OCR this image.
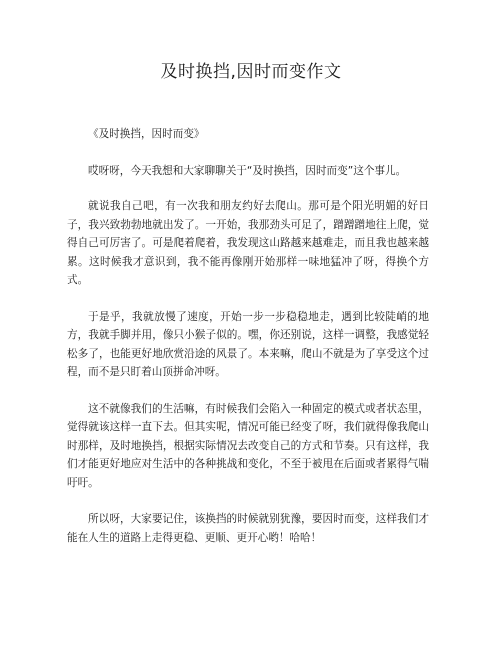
及时换挡,因时而变作文

《及时换挡，因时而变》

哎呀呀，今天我想和大家聊聊关于“及时换挡，因时而变”这个事儿。

就说我自己吧，有一次我和朋友约好去爬山。那可是个阳光明媚的好日子，我兴致勃勃地就出发了。一开始，我那劲头可足了，蹭蹭蹭地往上爬，觉得自己可厉害了。可是爬着爬着，我发现这山路越来越难走，而且我也越来越累。这时候我才意识到，我不能再像刚开始那样一味地猛冲了呀，得换个方式。

于是乎，我就放慢了速度，开始一步一步稳稳地走，遇到比较陡峭的地方，我就手脚并用，像只小猴子似的。嘿，你还别说，这样一调整，我感觉轻松多了，也能更好地欣赏沿途的风景了。本来嘛，爬山不就是为了享受这个过程，而不是只盯着山顶拼命冲呀。

这不就像我们的生活嘛，有时候我们会陷入一种固定的模式或者状态里，觉得就该这样一直下去。但其实呢，情况可能已经变了呀，我们就得像我爬山时那样，及时地换挡，根据实际情况去改变自己的方式和节奏。只有这样，我们才能更好地应对生活中的各种挑战和变化，不至于被甩在后面或者累得气喘吁吁。

所以呀，大家要记住，该换挡的时候就别犹豫，要因时而变，这样我们才能在人生的道路上走得更稳、更顺、更开心哟！哈哈！
